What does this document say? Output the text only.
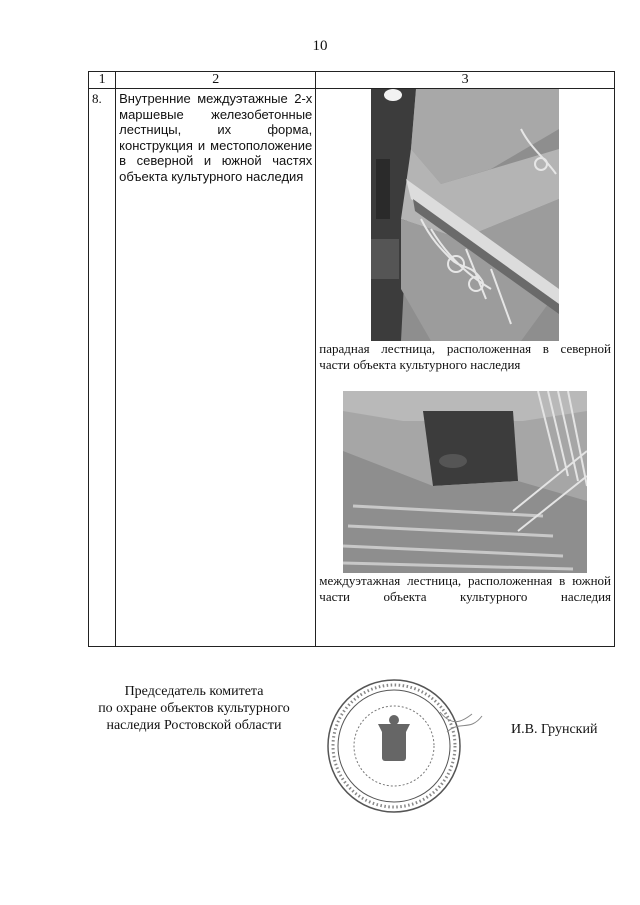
10
1	2	3
8.	Внутренние междуэтажные 2-х маршевые железобетонные лестницы, их форма, конструкция и местоположение в северной и южной частях объекта культурного наследия	парадная лестница, расположенная в северной части объекта культурного наследия
междуэтажная лестница, расположенная в южной части объекта культурного наследия
Председатель комитета
по охране объектов культурного
наследия Ростовской области	И.В. Грунский
